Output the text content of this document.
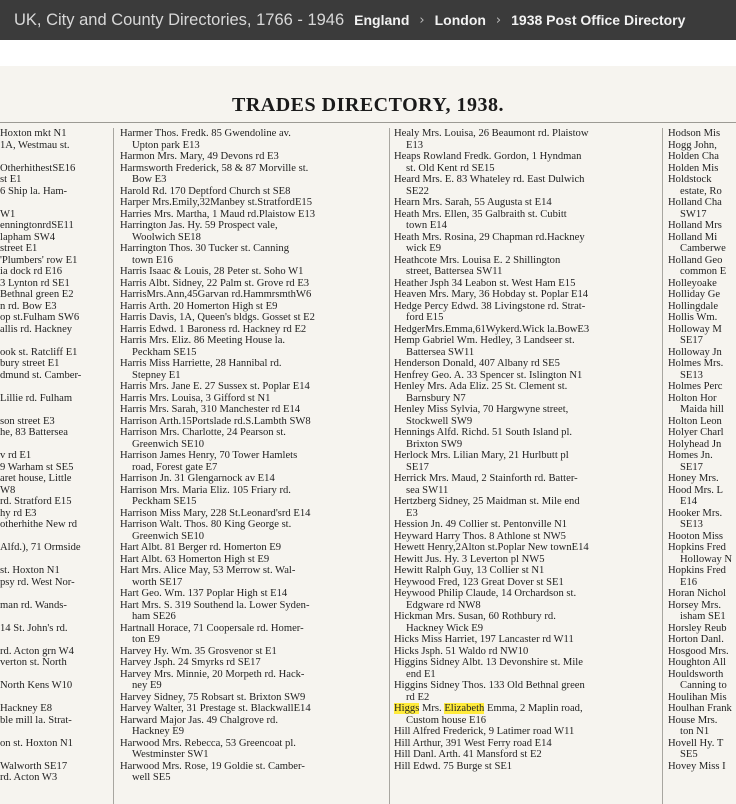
UK, City and County Directories, 1766 - 1946 England › London › 1938 Post Office Directory
TRADES DIRECTORY, 1938.
Hoxton mkt N1
1A, Westmau st.
OtherhithestSE16
st E1
6 Ship la. Ham-
W1
enningtonrdSE11
lapham SW4
street E1
'Plumbers' row E1
ia dock rd E16
3 Lynton rd SE1
Bethnal green E2
n rd. Bow E3
op st.Fulham SW6
allis rd. Hackney
ook st. Ratcliff E1
bury street E1
dmund st. Camber-
Lillie rd. Fulham
son street E3
he, 83 Battersea
v rd E1
9 Warham st SE5
aret house, Little
W8
rd. Stratford E15
hy rd E3
otherhithe New rd
Alfd.), 71 Ormside
st. Hoxton N1
psy rd. West Nor-
man rd. Wands-
14 St. John's rd.
rd. Acton grn W4
verton st. North
North Kens W10
Hackney E8
ble mill la. Strat-
on st. Hoxton N1
Walworth SE17
rd. Acton W3
Harmer Thos. Fredk. 85 Gwendoline av.
Upton park E13
Harmon Mrs. Mary, 49 Devons rd E3
Harmsworth Frederick, 58 & 87 Morville st.
Bow E3
Harold Rd. 170 Deptford Church st SE8
Harper Mrs.Emily,32Manbey st.StratfordE15
Harries Mrs. Martha, 1 Maud rd.Plaistow E13
Harrington Jas. Hy. 59 Prospect vale,
Woolwich SE18
Harrington Thos. 30 Tucker st. Canning
town E16
Harris Isaac & Louis, 28 Peter st. Soho W1
Harris Albt. Sidney, 22 Palm st. Grove rd E3
HarrisMrs.Ann,45Garvan rd.HammrsmthW6
Harris Arth. 20 Homerton High st E9
Harris Davis, 1A, Queen's bldgs. Gosset st E2
Harris Edwd. 1 Baroness rd. Hackney rd E2
Harris Mrs. Eliz. 86 Meeting House la.
Peckham SE15
Harris Miss Harriette, 28 Hannibal rd.
Stepney E1
Harris Mrs. Jane E. 27 Sussex st. Poplar E14
Harris Mrs. Louisa, 3 Gifford st N1
Harris Mrs. Sarah, 310 Manchester rd E14
Harrison Arth.15Portslade rd.S.Lambth SW8
Harrison Mrs. Charlotte, 24 Pearson st.
Greenwich SE10
Harrison James Henry, 70 Tower Hamlets
road, Forest gate E7
Harrison Jn. 31 Glengarnock av E14
Harrison Mrs. Maria Eliz. 105 Friary rd.
Peckham SE15
Harrison Miss Mary, 228 St.Leonard'srd E14
Harrison Walt. Thos. 80 King George st.
Greenwich SE10
Hart Albt. 81 Berger rd. Homerton E9
Hart Albt. 63 Homerton High st E9
Hart Mrs. Alice May, 53 Merrow st. Wal-
worth SE17
Hart Geo. Wm. 137 Poplar High st E14
Hart Mrs. S. 319 Southend la. Lower Syden-
ham SE26
Hartnall Horace, 71 Coopersale rd. Homer-
ton E9
Harvey Hy. Wm. 35 Grosvenor st E1
Harvey Jsph. 24 Smyrks rd SE17
Harvey Mrs. Minnie, 20 Morpeth rd. Hack-
ney E9
Harvey Sidney, 75 Robsart st. Brixton SW9
Harvey Walter, 31 Prestage st. BlackwallE14
Harward Major Jas. 49 Chalgrove rd.
Hackney E9
Harwood Mrs. Rebecca, 53 Greencoat pl.
Westminster SW1
Harwood Mrs. Rose, 19 Goldie st. Camber-
well SE5
Healy Mrs. Louisa, 26 Beaumont rd. Plaistow
E13
Heaps Rowland Fredk. Gordon, 1 Hyndman
st. Old Kent rd SE15
Heard Mrs. E. 83 Whateley rd. East Dulwich
SE22
Hearn Mrs. Sarah, 55 Augusta st E14
Heath Mrs. Ellen, 35 Galbraith st. Cubitt
town E14
Heath Mrs. Rosina, 29 Chapman rd.Hackney
wick E9
Heathcote Mrs. Louisa E. 2 Shillington
street, Battersea SW11
Heather Jsph 34 Leabon st. West Ham E15
Heaven Mrs. Mary, 36 Hobday st. Poplar E14
Hedge Percy Edwd. 38 Livingstone rd. Strat-
ford E15
HedgerMrs.Emma,61Wykerd.Wick la.BowE3
Hemp Gabriel Wm. Hedley, 3 Landseer st.
Battersea SW11
Henderson Donald, 407 Albany rd SE5
Henfrey Geo. A. 33 Spencer st. Islington N1
Henley Mrs. Ada Eliz. 25 St. Clement st.
Barnsbury N7
Henley Miss Sylvia, 70 Hargwyne street,
Stockwell SW9
Hennings Alfd. Richd. 51 South Island pl.
Brixton SW9
Herlock Mrs. Lilian Mary, 21 Hurlbutt pl
SE17
Herrick Mrs. Maud, 2 Stainforth rd. Batter-
sea SW11
Hertzberg Sidney, 25 Maidman st. Mile end
E3
Hession Jn. 49 Collier st. Pentonville N1
Heyward Harry Thos. 8 Athlone st NW5
Hewett Henry,2Alton st.Poplar New townE14
Hewitt Jus. Hy. 3 Leverton pl NW5
Hewitt Ralph Guy, 13 Collier st N1
Heywood Fred, 123 Great Dover st SE1
Heywood Philip Claude, 14 Orchardson st.
Edgware rd NW8
Hickman Mrs. Susan, 60 Rothbury rd.
Hackney Wick E9
Hicks Miss Harriet, 197 Lancaster rd W11
Hicks Jsph. 51 Waldo rd NW10
Higgins Sidney Albt. 13 Devonshire st. Mile
end E1
Higgins Sidney Thos. 133 Old Bethnal green
rd E2
Higgs Mrs. Elizabeth Emma, 2 Maplin road,
Custom house E16
Hill Alfred Frederick, 9 Latimer road W11
Hill Arthur, 391 West Ferry road E14
Hill Danl. Arth. 41 Mansford st E2
Hill Edwd. 75 Burge st SE1
Hodson Mis
Hogg John,
Holden Cha
Holden Mis
Holdstock
estate, Ro
Holland Cha
SW17
Holland Mrs
Holland Mi
Camberwe
Holland Geo
common E
Holleyoake
Holliday Ge
Hollingdale
Hollis Wm.
Holloway M
SE17
Holloway Jn
Holmes Mrs.
SE13
Holmes Perc
Holton Hor
Maida hill
Holton Leon
Holyer Charl
Holyhead Jn
Homes Jn.
SE17
Honey Mrs.
Hood Mrs. L
E14
Hooker Mrs.
SE13
Hooton Miss
Hopkins Fred
Holloway N
Hopkins Fred
E16
Horan Nichol
Horsey Mrs.
isham SE1
Horsley Reub
Horton Danl.
Hosgood Mrs.
Houghton All
Houldsworth
Canning to
Houlihan Mis
Houlhan Frank
House Mrs.
ton N1
Hovell Hy. T
SE5
Hovey Miss I
